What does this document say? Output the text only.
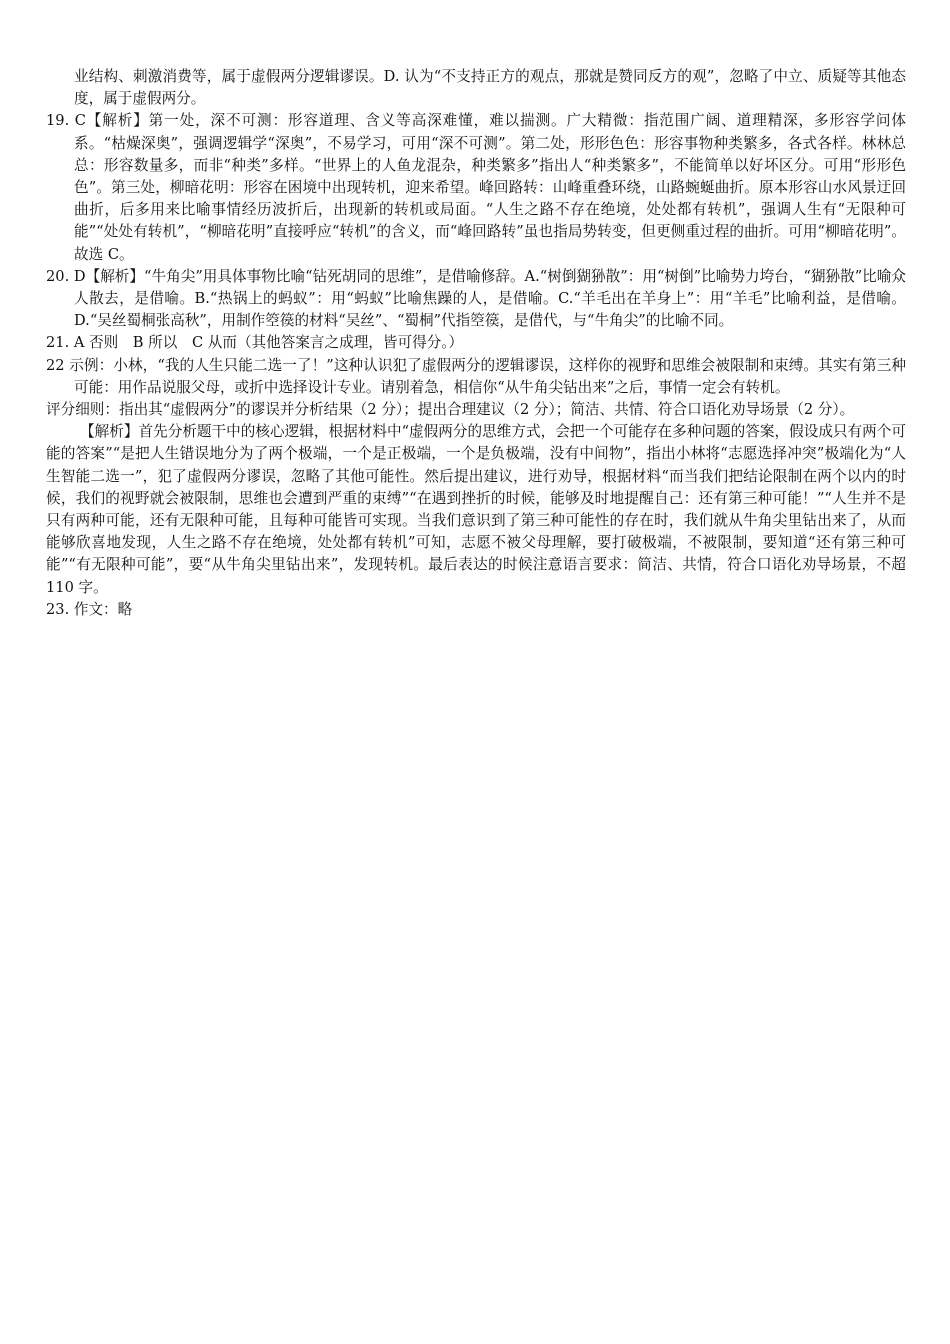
业结构、刺激消费等，属于虚假两分逻辑谬误。D. 认为“不支持正方的观点，那就是赞同反方的观”，忽略了中立、质疑等其他态度，属于虚假两分。

19. C【解析】第一处，深不可测：形容道理、含义等高深难懂，难以揣测。广大精微：指范围广阔、道理精深，多形容学问体系。“枯燥深奥”，强调逻辑学“深奥”，不易学习，可用“深不可测”。第二处，形形色色：形容事物种类繁多，各式各样。林林总总：形容数量多，而非“种类”多样。“世界上的人鱼龙混杂，种类繁多”指出人“种类繁多”，不能简单以好坏区分。可用“形形色色”。第三处，柳暗花明：形容在困境中出现转机，迎来希望。峰回路转：山峰重叠环绕，山路蜿蜒曲折。原本形容山水风景迂回曲折，后多用来比喻事情经历波折后，出现新的转机或局面。“人生之路不存在绝境，处处都有转机”，强调人生有“无限种可能”“处处有转机”，“柳暗花明”直接呼应“转机”的含义，而“峰回路转”虽也指局势转变，但更侧重过程的曲折。可用“柳暗花明”。故选 C。

20. D【解析】“牛角尖”用具体事物比喻“钻死胡同的思维”，是借喻修辞。A.“树倒猢狲散”：用“树倒”比喻势力垮台，“猢狲散”比喻众人散去，是借喻。B.“热锅上的蚂蚁”：用“蚂蚁”比喻焦躁的人，是借喻。C.“羊毛出在羊身上”：用“羊毛”比喻利益，是借喻。D.“吴丝蜀桐张高秋”，用制作箜篌的材料“吴丝”、“蜀桐”代指箜篌，是借代，与“牛角尖”的比喻不同。

21. A 否则　B 所以　C 从而（其他答案言之成理，皆可得分。）

22 示例：小林，“我的人生只能二选一了！”这种认识犯了虚假两分的逻辑谬误，这样你的视野和思维会被限制和束缚。其实有第三种可能：用作品说服父母，或折中选择设计专业。请别着急，相信你“从牛角尖钻出来”之后，事情一定会有转机。

评分细则：指出其“虚假两分”的谬误并分析结果（2 分）；提出合理建议（2 分）；简洁、共情、符合口语化劝导场景（2 分）。

【解析】首先分析题干中的核心逻辑，根据材料中“虚假两分的思维方式，会把一个可能存在多种问题的答案，假设成只有两个可能的答案”“是把人生错误地分为了两个极端，一个是正极端，一个是负极端，没有中间物”，指出小林将“志愿选择冲突”极端化为“人生智能二选一”，犯了虚假两分谬误，忽略了其他可能性。然后提出建议，进行劝导，根据材料“而当我们把结论限制在两个以内的时候，我们的视野就会被限制，思维也会遭到严重的束缚”“在遇到挫折的时候，能够及时地提醒自己：还有第三种可能！”“人生并不是只有两种可能，还有无限种可能，且每种可能皆可实现。当我们意识到了第三种可能性的存在时，我们就从牛角尖里钻出来了，从而能够欣喜地发现，人生之路不存在绝境，处处都有转机”可知，志愿不被父母理解，要打破极端，不被限制，要知道“还有第三种可能”“有无限种可能”，要“从牛角尖里钻出来”，发现转机。最后表达的时候注意语言要求：简洁、共情，符合口语化劝导场景，不超 110 字。

23. 作文：略
